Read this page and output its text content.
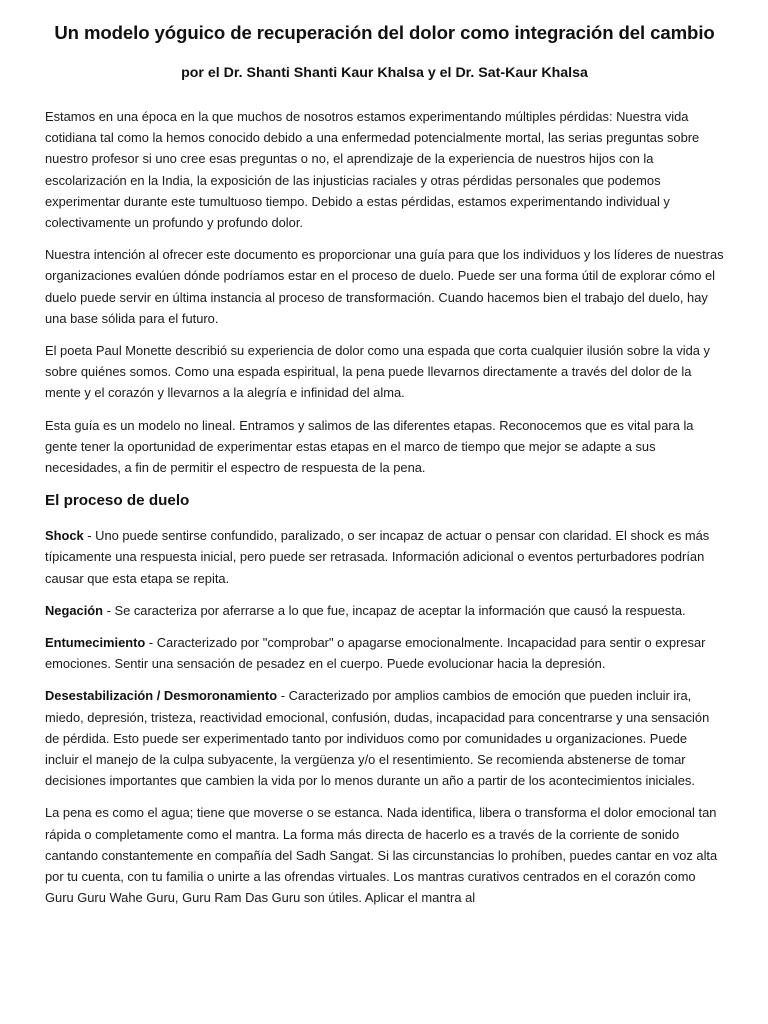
Un modelo yóguico de recuperación del dolor como integración del cambio
por el Dr. Shanti Shanti Kaur Khalsa y el Dr. Sat-Kaur Khalsa

Estamos en una época en la que muchos de nosotros estamos experimentando múltiples pérdidas: Nuestra vida cotidiana tal como la hemos conocido debido a una enfermedad potencialmente mortal, las serias preguntas sobre nuestro profesor si uno cree esas preguntas o no, el aprendizaje de la experiencia de nuestros hijos con la escolarización en la India, la exposición de las injusticias raciales y otras pérdidas personales que podemos experimentar durante este tumultuoso tiempo. Debido a estas pérdidas, estamos experimentando individual y colectivamente un profundo y profundo dolor.

Nuestra intención al ofrecer este documento es proporcionar una guía para que los individuos y los líderes de nuestras organizaciones evalúen dónde podríamos estar en el proceso de duelo. Puede ser una forma útil de explorar cómo el duelo puede servir en última instancia al proceso de transformación. Cuando hacemos bien el trabajo del duelo, hay una base sólida para el futuro.

El poeta Paul Monette describió su experiencia de dolor como una espada que corta cualquier ilusión sobre la vida y sobre quiénes somos. Como una espada espiritual, la pena puede llevarnos directamente a través del dolor de la mente y el corazón y llevarnos a la alegría e infinidad del alma.

Esta guía es un modelo no lineal. Entramos y salimos de las diferentes etapas. Reconocemos que es vital para la gente tener la oportunidad de experimentar estas etapas en el marco de tiempo que mejor se adapte a sus necesidades, a fin de permitir el espectro de respuesta de la pena.

El proceso de duelo

Shock - Uno puede sentirse confundido, paralizado, o ser incapaz de actuar o pensar con claridad. El shock es más típicamente una respuesta inicial, pero puede ser retrasada. Información adicional o eventos perturbadores podrían causar que esta etapa se repita.

Negación - Se caracteriza por aferrarse a lo que fue, incapaz de aceptar la información que causó la respuesta.

Entumecimiento - Caracterizado por "comprobar" o apagarse emocionalmente. Incapacidad para sentir o expresar emociones. Sentir una sensación de pesadez en el cuerpo. Puede evolucionar hacia la depresión.

Desestabilización / Desmoronamiento - Caracterizado por amplios cambios de emoción que pueden incluir ira, miedo, depresión, tristeza, reactividad emocional, confusión, dudas, incapacidad para concentrarse y una sensación de pérdida. Esto puede ser experimentado tanto por individuos como por comunidades u organizaciones. Puede incluir el manejo de la culpa subyacente, la vergüenza y/o el resentimiento. Se recomienda abstenerse de tomar decisiones importantes que cambien la vida por lo menos durante un año a partir de los acontecimientos iniciales.

La pena es como el agua; tiene que moverse o se estanca. Nada identifica, libera o transforma el dolor emocional tan rápida o completamente como el mantra. La forma más directa de hacerlo es a través de la corriente de sonido cantando constantemente en compañía del Sadh Sangat. Si las circunstancias lo prohíben, puedes cantar en voz alta por tu cuenta, con tu familia o unirte a las ofrendas virtuales. Los mantras curativos centrados en el corazón como Guru Guru Wahe Guru, Guru Ram Das Guru son útiles. Aplicar el mantra al
